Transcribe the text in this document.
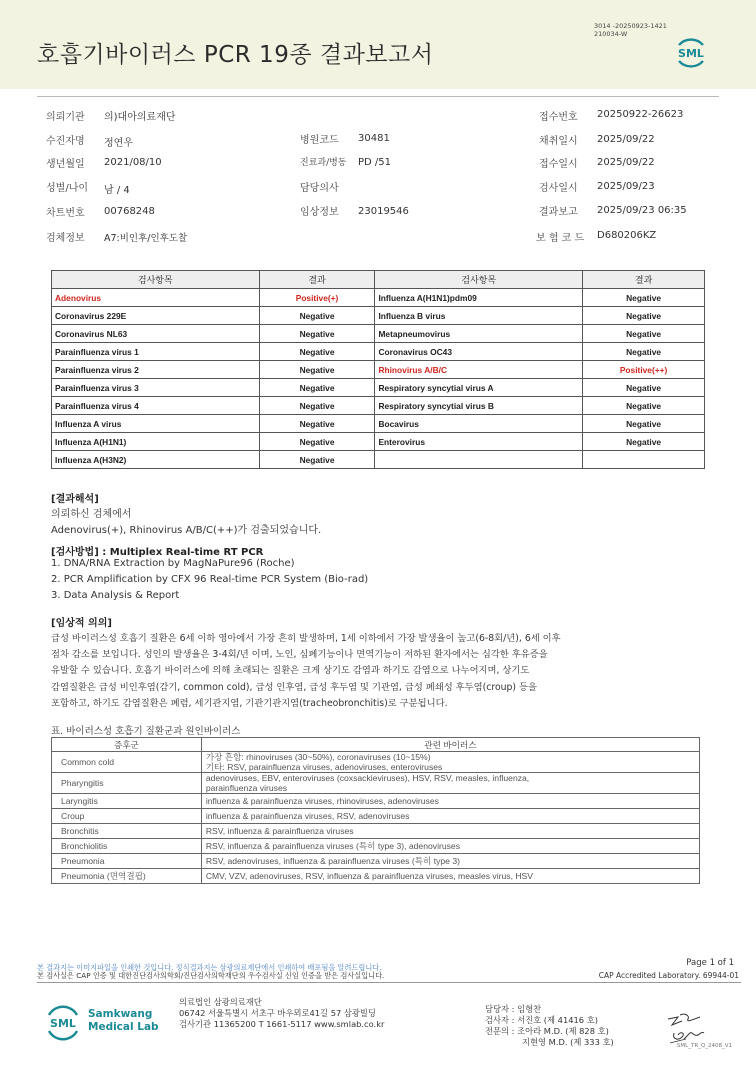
호흡기바이러스 PCR 19종 결과보고서
3014 -20250923-1421
210034-W
SML
의뢰기관 의)대아의료재단	접수번호 20250922-26623
수진자명 정연우	병원코드 30481	채취일시 2025/09/22
생년월일 2021/08/10	진료과/병동 PD /51	접수일시 2025/09/22
성별/나이 남 / 4	담당의사	검사일시 2025/09/23
차트번호 00768248	임상정보 23019546	결과보고 2025/09/23 06:35
검체정보 A7:비인후/인후도찰	보 험 코 드 D680206KZ
검사항목	결과	검사항목	결과
Adenovirus	Positive(+)	Influenza A(H1N1)pdm09	Negative
Coronavirus 229E	Negative	Influenza B virus	Negative
Coronavirus NL63	Negative	Metapneumovirus	Negative
Parainfluenza virus 1	Negative	Coronavirus OC43	Negative
Parainfluenza virus 2	Negative	Rhinovirus A/B/C	Positive(++)
Parainfluenza virus 3	Negative	Respiratory syncytial virus A	Negative
Parainfluenza virus 4	Negative	Respiratory syncytial virus B	Negative
Influenza A virus	Negative	Bocavirus	Negative
Influenza A(H1N1)	Negative	Enterovirus	Negative
Influenza A(H3N2)	Negative		
[결과해석]
의뢰하신 검체에서
Adenovirus(+), Rhinovirus A/B/C(++)가 검출되었습니다.
[검사방법] : Multiplex Real-time RT PCR
1. DNA/RNA Extraction by MagNaPure96 (Roche)
2. PCR Amplification by CFX 96 Real-time PCR System (Bio-rad)
3. Data Analysis & Report
[임상적 의의]
급성 바이러스성 호흡기 질환은 6세 이하 영아에서 가장 흔히 발생하며, 1세 이하에서 가장 발생율이 높고(6-8회/년), 6세 이후
점차 감소를 보입니다. 성인의 발생율은 3-4회/년 이며, 노인, 심폐기능이나 면역기능이 저하된 환자에서는 심각한 후유증을
유발할 수 있습니다. 호흡기 바이러스에 의해 초래되는 질환은 크게 상기도 감염과 하기도 감염으로 나누어지며, 상기도
감염질환은 급성 비인후염(감기, common cold), 급성 인후염, 급성 후두염 및 기관염, 급성 폐쇄성 후두염(croup) 등을
포함하고, 하기도 감염질환은 폐렴, 세기관지염, 기관기관지염(tracheobronchitis)로 구분됩니다.
표. 바이러스성 호흡기 질환군과 원인바이러스
증후군	관련 바이러스
Common cold	가장 흔함: rhinoviruses (30~50%), coronaviruses (10~15%)
기타: RSV, parainfluenza viruses, adenoviruses, enteroviruses

Pharyngitis	adenoviruses, EBV, enteroviruses (coxsackieviruses), HSV, RSV, measles, influenza,
parainfluenza viruses

Laryngitis	influenza & parainfluenza viruses, rhinoviruses, adenoviruses

Croup	influenza & parainfluenza viruses, RSV, adenoviruses

Bronchitis	RSV, influenza & parainfluenza viruses

Bronchiolitis	RSV, influenza & parainfluenza viruses (특히 type 3), adenoviruses

Pneumonia	RSV, adenoviruses, influenza & parainfluenza viruses (특히 type 3)

Pneumonia (면역결핍)	CMV, VZV, adenoviruses, RSV, influenza & parainfluenza viruses, measles virus, HSV
본 결과지는 이미지파일을 인쇄한 것입니다. 정식결과지는 삼광의료재단에서 인쇄하여 배포됨을 알려드립니다.
본 검사실은 CAP 인증 및 대한진단검사의학회/진단검사의학재단의 우수검사실 신임 인증을 받은 검사실입니다.
Page 1 of 1
CAP Accredited Laboratory. 69944-01
SML
Samkwang
Medical Lab
의료법인 삼광의료재단
06742 서울특별시 서초구 바우뫼로41길 57 삼광빌딩
검사기관 11365200 T 1661-5117 www.smlab.co.kr
담당자 : 임형찬
검사자 : 서진호 (제 41416 호)
전문의 : 조아라 M.D. (제 828 호)
지현영 M.D. (제 333 호)	SML_TR_Q_2408_V1
